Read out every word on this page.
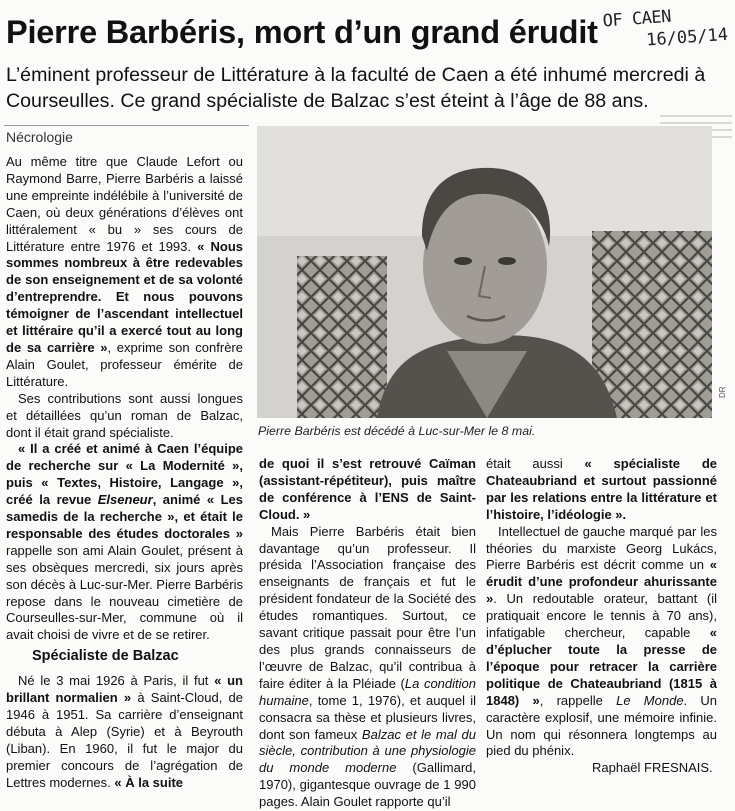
Pierre Barbéris, mort d’un grand érudit OF CAEN
16/05/14
L’éminent professeur de Littérature à la faculté de Caen a été inhumé mercredi à Courseulles. Ce grand spécialiste de Balzac s’est éteint à l’âge de 88 ans.
Nécrologie

Au même titre que Claude Lefort ou Raymond Barre, Pierre Barbéris a laissé une empreinte indélébile à l’université de Caen, où deux générations d’élèves ont littéralement « bu » ses cours de Littérature entre 1976 et 1993. « Nous sommes nombreux à être redevables de son enseignement et de sa volonté d’entreprendre. Et nous pouvons témoigner de l’ascendant intellectuel et littéraire qu’il a exercé tout au long de sa carrière », exprime son confrère Alain Goulet, professeur émérite de Littérature.

Ses contributions sont aussi longues et détaillées qu’un roman de Balzac, dont il était grand spécialiste.

« Il a créé et animé à Caen l’équipe de recherche sur « La Modernité », puis « Textes, Histoire, Langage », créé la revue Elseneur, animé « Les samedis de la recherche », et était le responsable des études doctorales » rappelle son ami Alain Goulet, présent à ses obsèques mercredi, six jours après son décès à Luc-sur-Mer. Pierre Barbéris repose dans le nouveau cimetière de Courseulles-sur-Mer, commune où il avait choisi de vivre et de se retirer.

Spécialiste de Balzac

Né le 3 mai 1926 à Paris, il fut « un brillant normalien » à Saint-Cloud, de 1946 à 1951. Sa carrière d’enseignant débuta à Alep (Syrie) et à Beyrouth (Liban). En 1960, il fut le major du premier concours de l’agrégation de Lettres modernes. « À la suite

DR
Pierre Barbéris est décédé à Luc-sur-Mer le 8 mai.

de quoi il s’est retrouvé Caïman (assistant-répétiteur), puis maître de conférence à l’ENS de Saint-Cloud. »

Mais Pierre Barbéris était bien davantage qu’un professeur. Il présida l’Association française des enseignants de français et fut le président fondateur de la Société des études romantiques. Surtout, ce savant critique passait pour être l’un des plus grands connaisseurs de l’œuvre de Balzac, qu’il contribua à faire éditer à la Pléiade (La condition humaine, tome 1, 1976), et auquel il consacra sa thèse et plusieurs livres, dont son fameux Balzac et le mal du siècle, contribution à une physiologie du monde moderne (Gallimard, 1970), gigantesque ouvrage de 1 990 pages. Alain Goulet rapporte qu’il

était aussi « spécialiste de Chateaubriand et surtout passionné par les relations entre la littérature et l’histoire, l’idéologie ».

Intellectuel de gauche marqué par les théories du marxiste Georg Lukács, Pierre Barbéris est décrit comme un « érudit d’une profondeur ahurissante ». Un redoutable orateur, battant (il pratiquait encore le tennis à 70 ans), infatigable chercheur, capable « d’éplucher toute la presse de l’époque pour retracer la carrière politique de Chateaubriand (1815 à 1848) », rappelle Le Monde. Un caractère explosif, une mémoire infinie. Un nom qui résonnera longtemps au pied du phénix.

Raphaël FRESNAIS.
